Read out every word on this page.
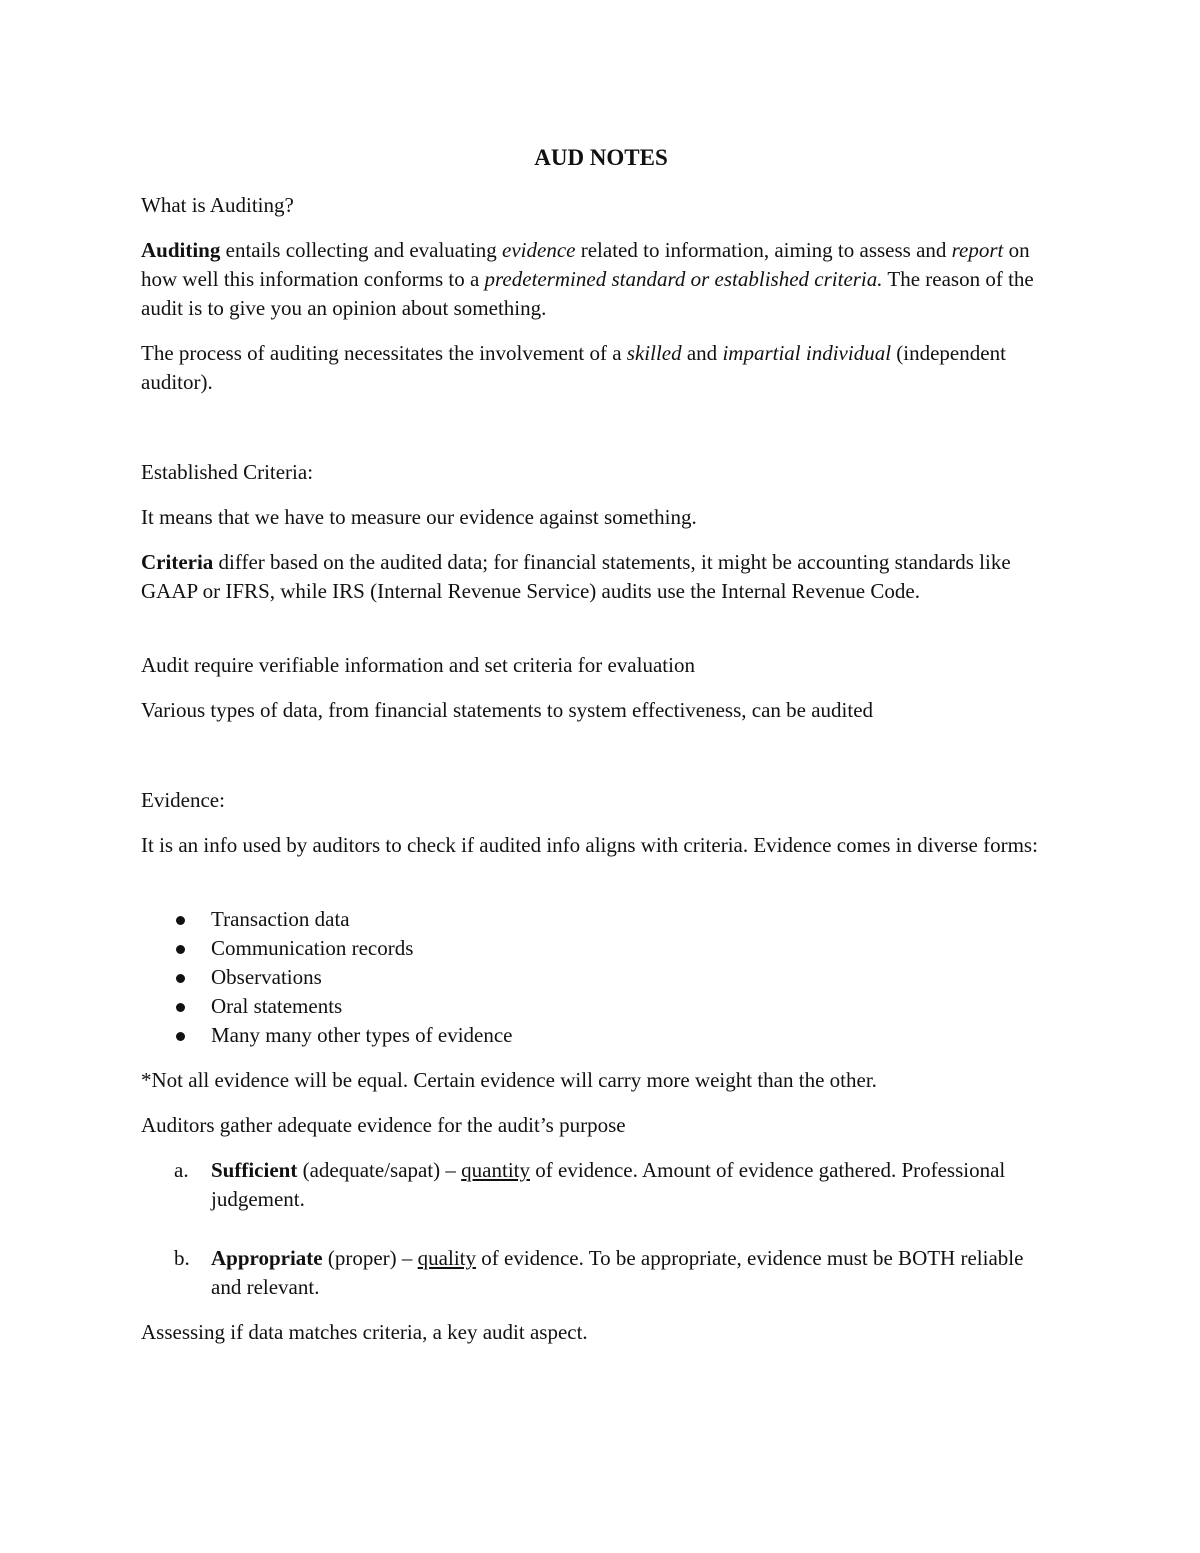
AUD NOTES

What is Auditing?

Auditing entails collecting and evaluating evidence related to information, aiming to assess and report on how well this information conforms to a predetermined standard or established criteria. The reason of the audit is to give you an opinion about something.

The process of auditing necessitates the involvement of a skilled and impartial individual (independent auditor).

Established Criteria:

It means that we have to measure our evidence against something.

Criteria differ based on the audited data; for financial statements, it might be accounting standards like GAAP or IFRS, while IRS (Internal Revenue Service) audits use the Internal Revenue Code.

Audit require verifiable information and set criteria for evaluation

Various types of data, from financial statements to system effectiveness, can be audited

Evidence:

It is an info used by auditors to check if audited info aligns with criteria. Evidence comes in diverse forms:

Transaction data
Communication records
Observations
Oral statements
Many many other types of evidence

*Not all evidence will be equal. Certain evidence will carry more weight than the other.

Auditors gather adequate evidence for the audit’s purpose

a. Sufficient (adequate/sapat) – quantity of evidence. Amount of evidence gathered. Professional judgement.
b. Appropriate (proper) – quality of evidence. To be appropriate, evidence must be BOTH reliable and relevant.

Assessing if data matches criteria, a key audit aspect.
